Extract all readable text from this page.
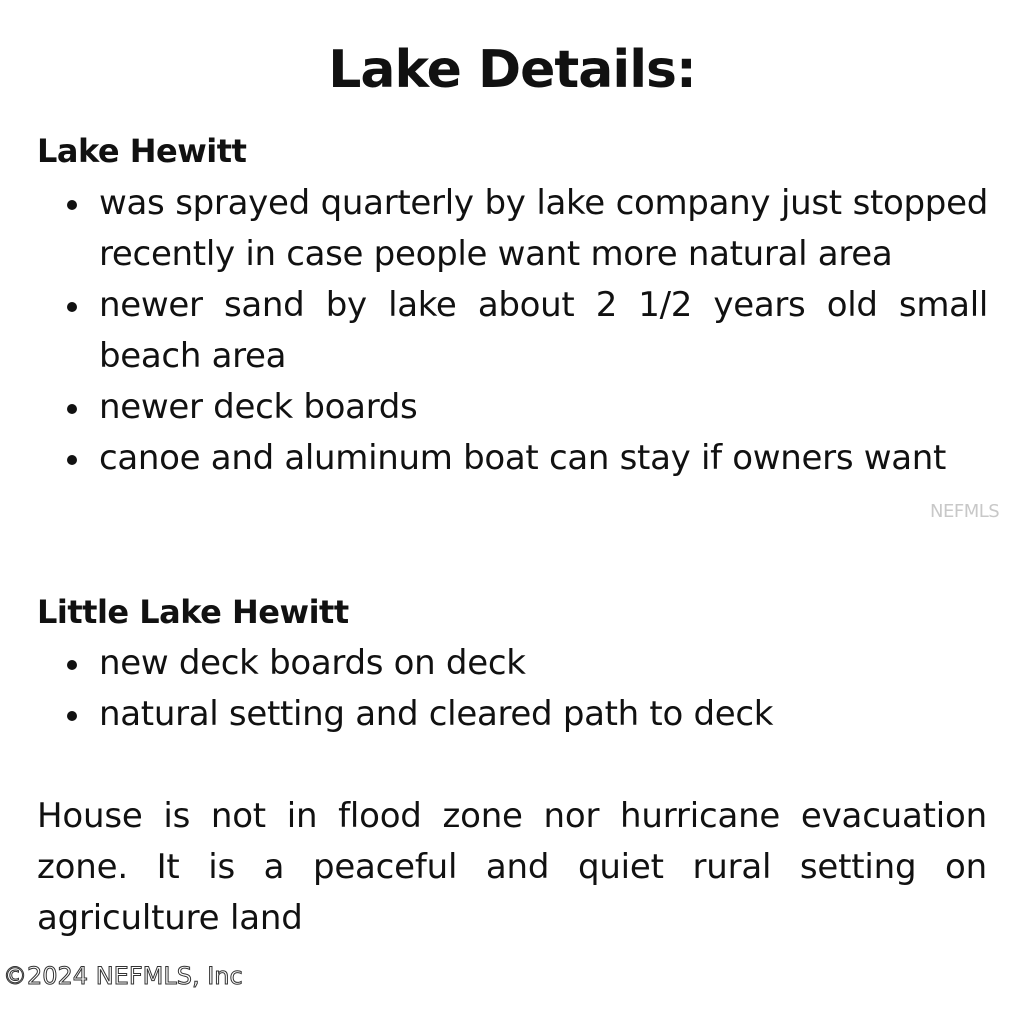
Lake Details:
Lake Hewitt
was sprayed quarterly by lake company just stopped recently in case people want more natural area
newer sand by lake about 2 1/2 years old small beach area
newer deck boards
canoe and aluminum boat can stay if owners want
NEFMLS
Little Lake Hewitt
new deck boards on deck
natural setting and cleared path to deck
House is not in flood zone nor hurricane evacuation zone. It is a peaceful and quiet rural setting on agriculture land
©2024 NEFMLS, Inc
